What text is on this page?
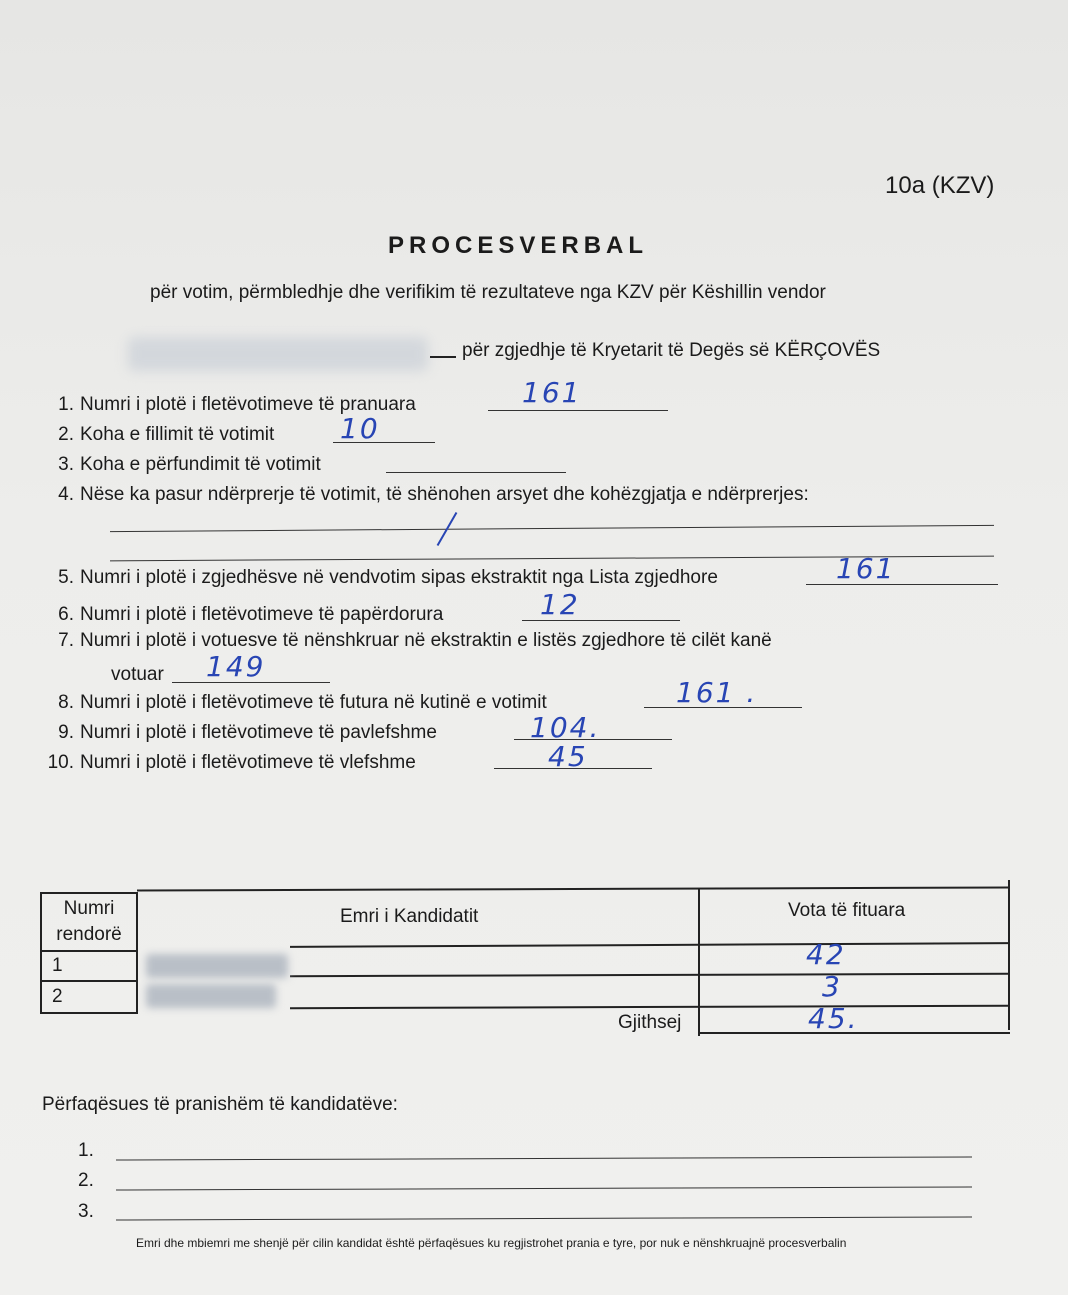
10a (KZV)
PROCESVERBAL
për votim, përmbledhje dhe verifikim të rezultateve nga KZV për Këshillin vendor
për zgjedhje të Kryetarit të Degës së KËRÇOVËS
1. Numri i plotë i fletëvotimeve të pranuara	161
2. Koha e fillimit të votimit 10
3. Koha e përfundimit të votimit
4. Nëse ka pasur ndërprerje të votimit, të shënohen arsyet dhe kohëzgjatja e ndërprerjes:
5. Numri i plotë i zgjedhësve në vendvotim sipas ekstraktit nga Lista zgjedhore	161
6. Numri i plotë i fletëvotimeve të papërdorura	12
7. Numri i plotë i votuesve të nënshkruar në ekstraktin e listës zgjedhore të cilët kanë
votuar 149
8. Numri i plotë i fletëvotimeve të futura në kutinë e votimit	161 .
9. Numri i plotë i fletëvotimeve të pavlefshme	104.
10. Numri i plotë i fletëvotimeve të vlefshme	45
Numri rendorë
Emri i Kandidatit	Vota të fituara
1	42
2	3
Gjithsej	45.
Përfaqësues të pranishëm të kandidatëve:
1.
2.
3.
Emri dhe mbiemri me shenjë për cilin kandidat është përfaqësues ku regjistrohet prania e tyre, por nuk e nënshkruajnë procesverbalin
